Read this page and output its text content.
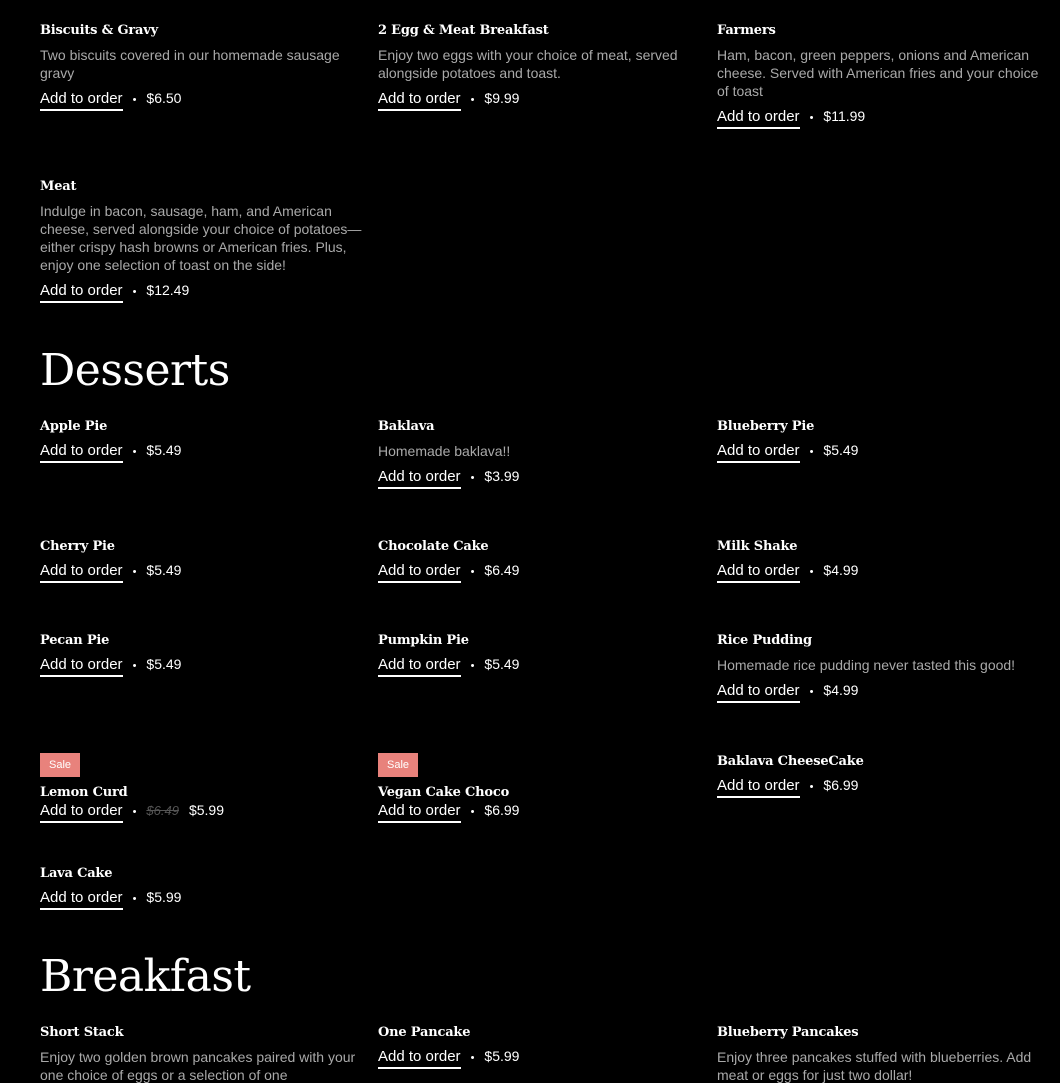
Biscuits & Gravy
Two biscuits covered in our homemade sausage gravy
Add to order • $6.50
2 Egg & Meat Breakfast
Enjoy two eggs with your choice of meat, served alongside potatoes and toast.
Add to order • $9.99
Farmers
Ham, bacon, green peppers, onions and American cheese. Served with American fries and your choice of toast
Add to order • $11.99
Meat
Indulge in bacon, sausage, ham, and American cheese, served alongside your choice of potatoes—either crispy hash browns or American fries. Plus, enjoy one selection of toast on the side!
Add to order • $12.49
Desserts
Apple Pie
Add to order • $5.49
Baklava
Homemade baklava!!
Add to order • $3.99
Blueberry Pie
Add to order • $5.49
Cherry Pie
Add to order • $5.49
Chocolate Cake
Add to order • $6.49
Milk Shake
Add to order • $4.99
Pecan Pie
Add to order • $5.49
Pumpkin Pie
Add to order • $5.49
Rice Pudding
Homemade rice pudding never tasted this good!
Add to order • $4.99
Sale
Lemon Curd
Add to order • $6.49 $5.99
Sale
Vegan Cake Choco
Add to order • $6.99
Baklava CheeseCake
Add to order • $6.99
Lava Cake
Add to order • $5.99
Breakfast
Short Stack
Enjoy two golden brown pancakes paired with your one choice of eggs or a selection of one
One Pancake
Add to order • $5.99
Blueberry Pancakes
Enjoy three pancakes stuffed with blueberries. Add meat or eggs for just two dollar!
